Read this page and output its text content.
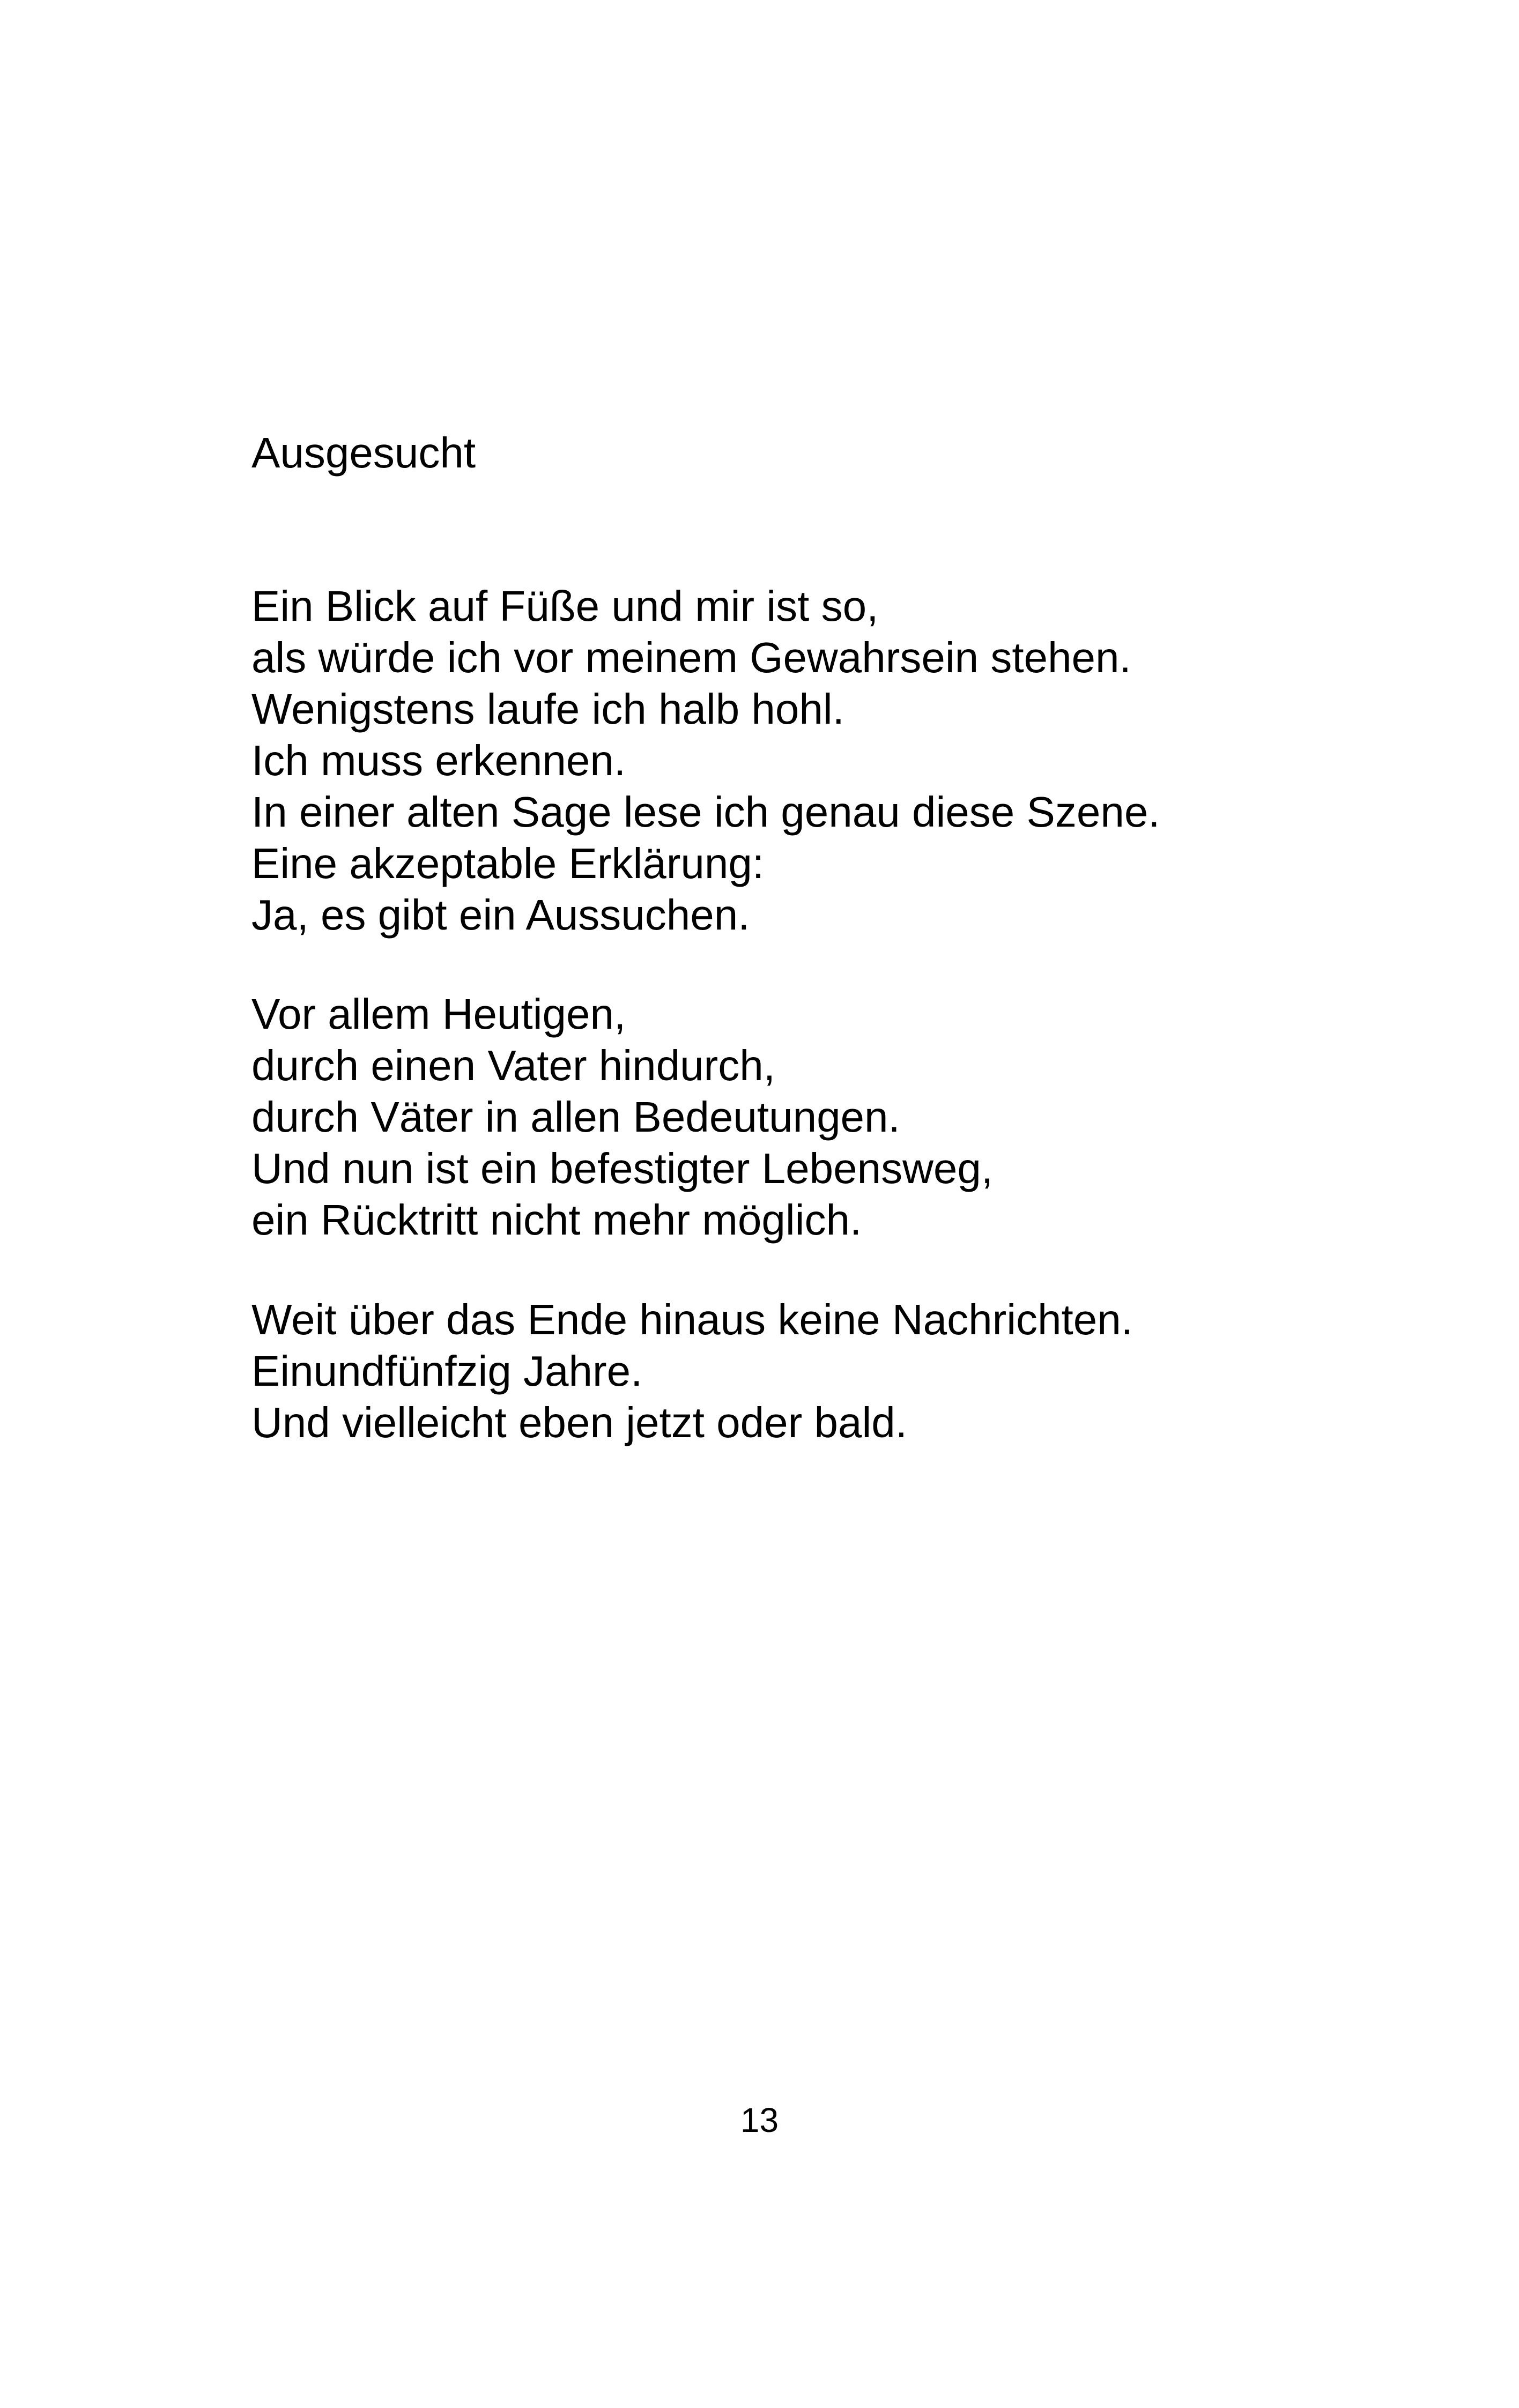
Ausgesucht
Ein Blick auf Füße und mir ist so,
als würde ich vor meinem Gewahrsein stehen.
Wenigstens laufe ich halb hohl.
Ich muss erkennen.
In einer alten Sage lese ich genau diese Szene.
Eine akzeptable Erklärung:
Ja, es gibt ein Aussuchen.
Vor allem Heutigen,
durch einen Vater hindurch,
durch Väter in allen Bedeutungen.
Und nun ist ein befestigter Lebensweg,
ein Rücktritt nicht mehr möglich.
Weit über das Ende hinaus keine Nachrichten.
Einundfünfzig Jahre.
Und vielleicht eben jetzt oder bald.
13
